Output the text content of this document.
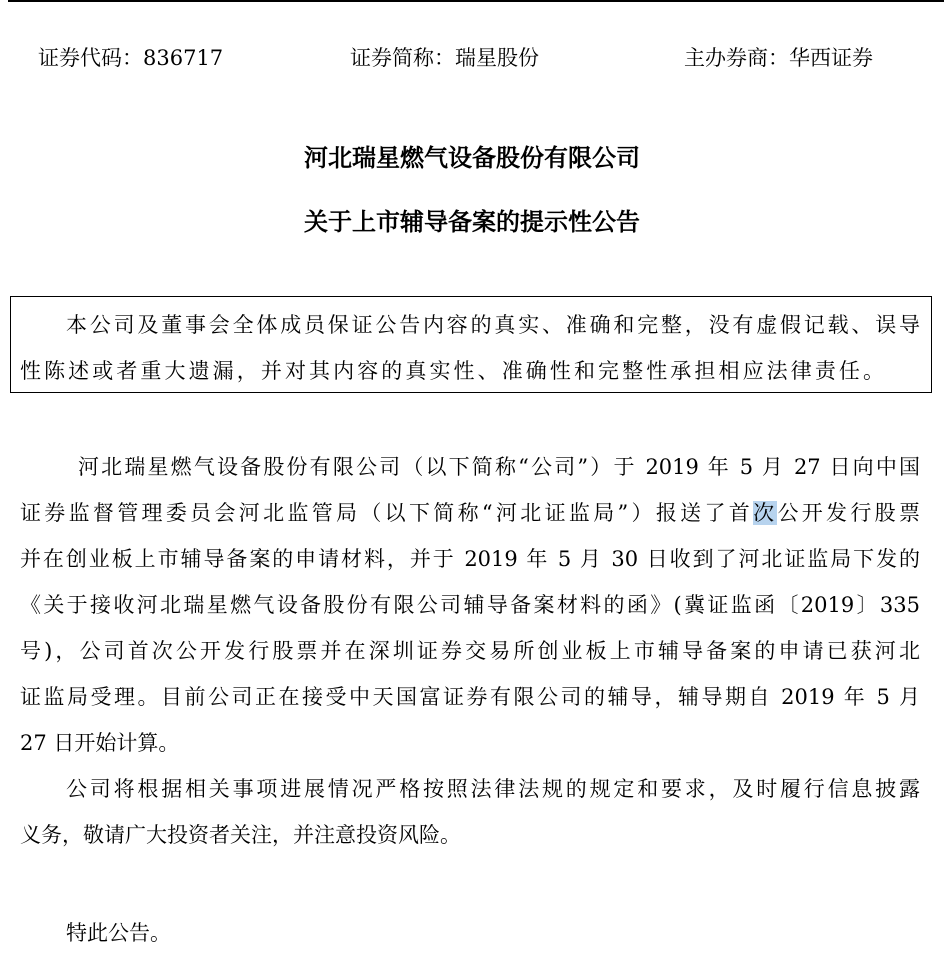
证券代码：836717	证券简称：瑞星股份	主办券商：华西证券
河北瑞星燃气设备股份有限公司
关于上市辅导备案的提示性公告
本公司及董事会全体成员保证公告内容的真实、准确和完整，没有虚假记载、误导
性陈述或者重大遗漏，并对其内容的真实性、准确性和完整性承担相应法律责任。
河北瑞星燃气设备股份有限公司（以下简称“公司”）于 2019 年 5 月 27 日向中国
证券监督管理委员会河北监管局（以下简称“河北证监局”）报送了首次公开发行股票
并在创业板上市辅导备案的申请材料，并于 2019 年 5 月 30 日收到了河北证监局下发的
《关于接收河北瑞星燃气设备股份有限公司辅导备案材料的函》(冀证监函〔2019〕335
号)，公司首次公开发行股票并在深圳证券交易所创业板上市辅导备案的申请已获河北
证监局受理。目前公司正在接受中天国富证券有限公司的辅导，辅导期自 2019 年 5 月
27 日开始计算。
公司将根据相关事项进展情况严格按照法律法规的规定和要求，及时履行信息披露
义务，敬请广大投资者关注，并注意投资风险。
特此公告。
